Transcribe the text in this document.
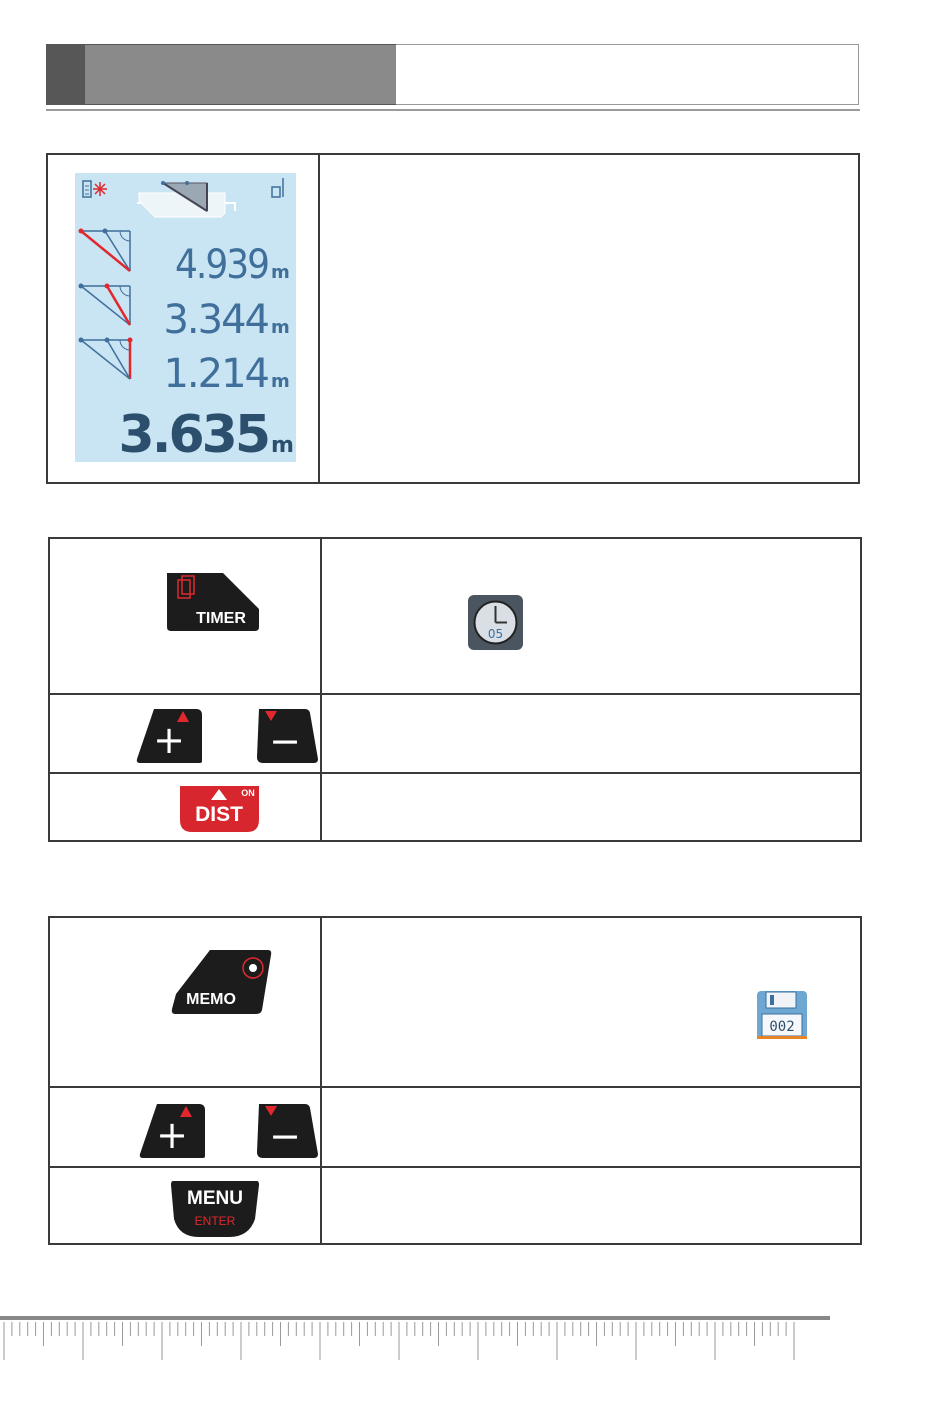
4.939 m
3.344 m
1.214 m
3.635 m

TIMER	05

+ −	

ON
DIST	

MEMO	002

+ −	

MENU
ENTER	
